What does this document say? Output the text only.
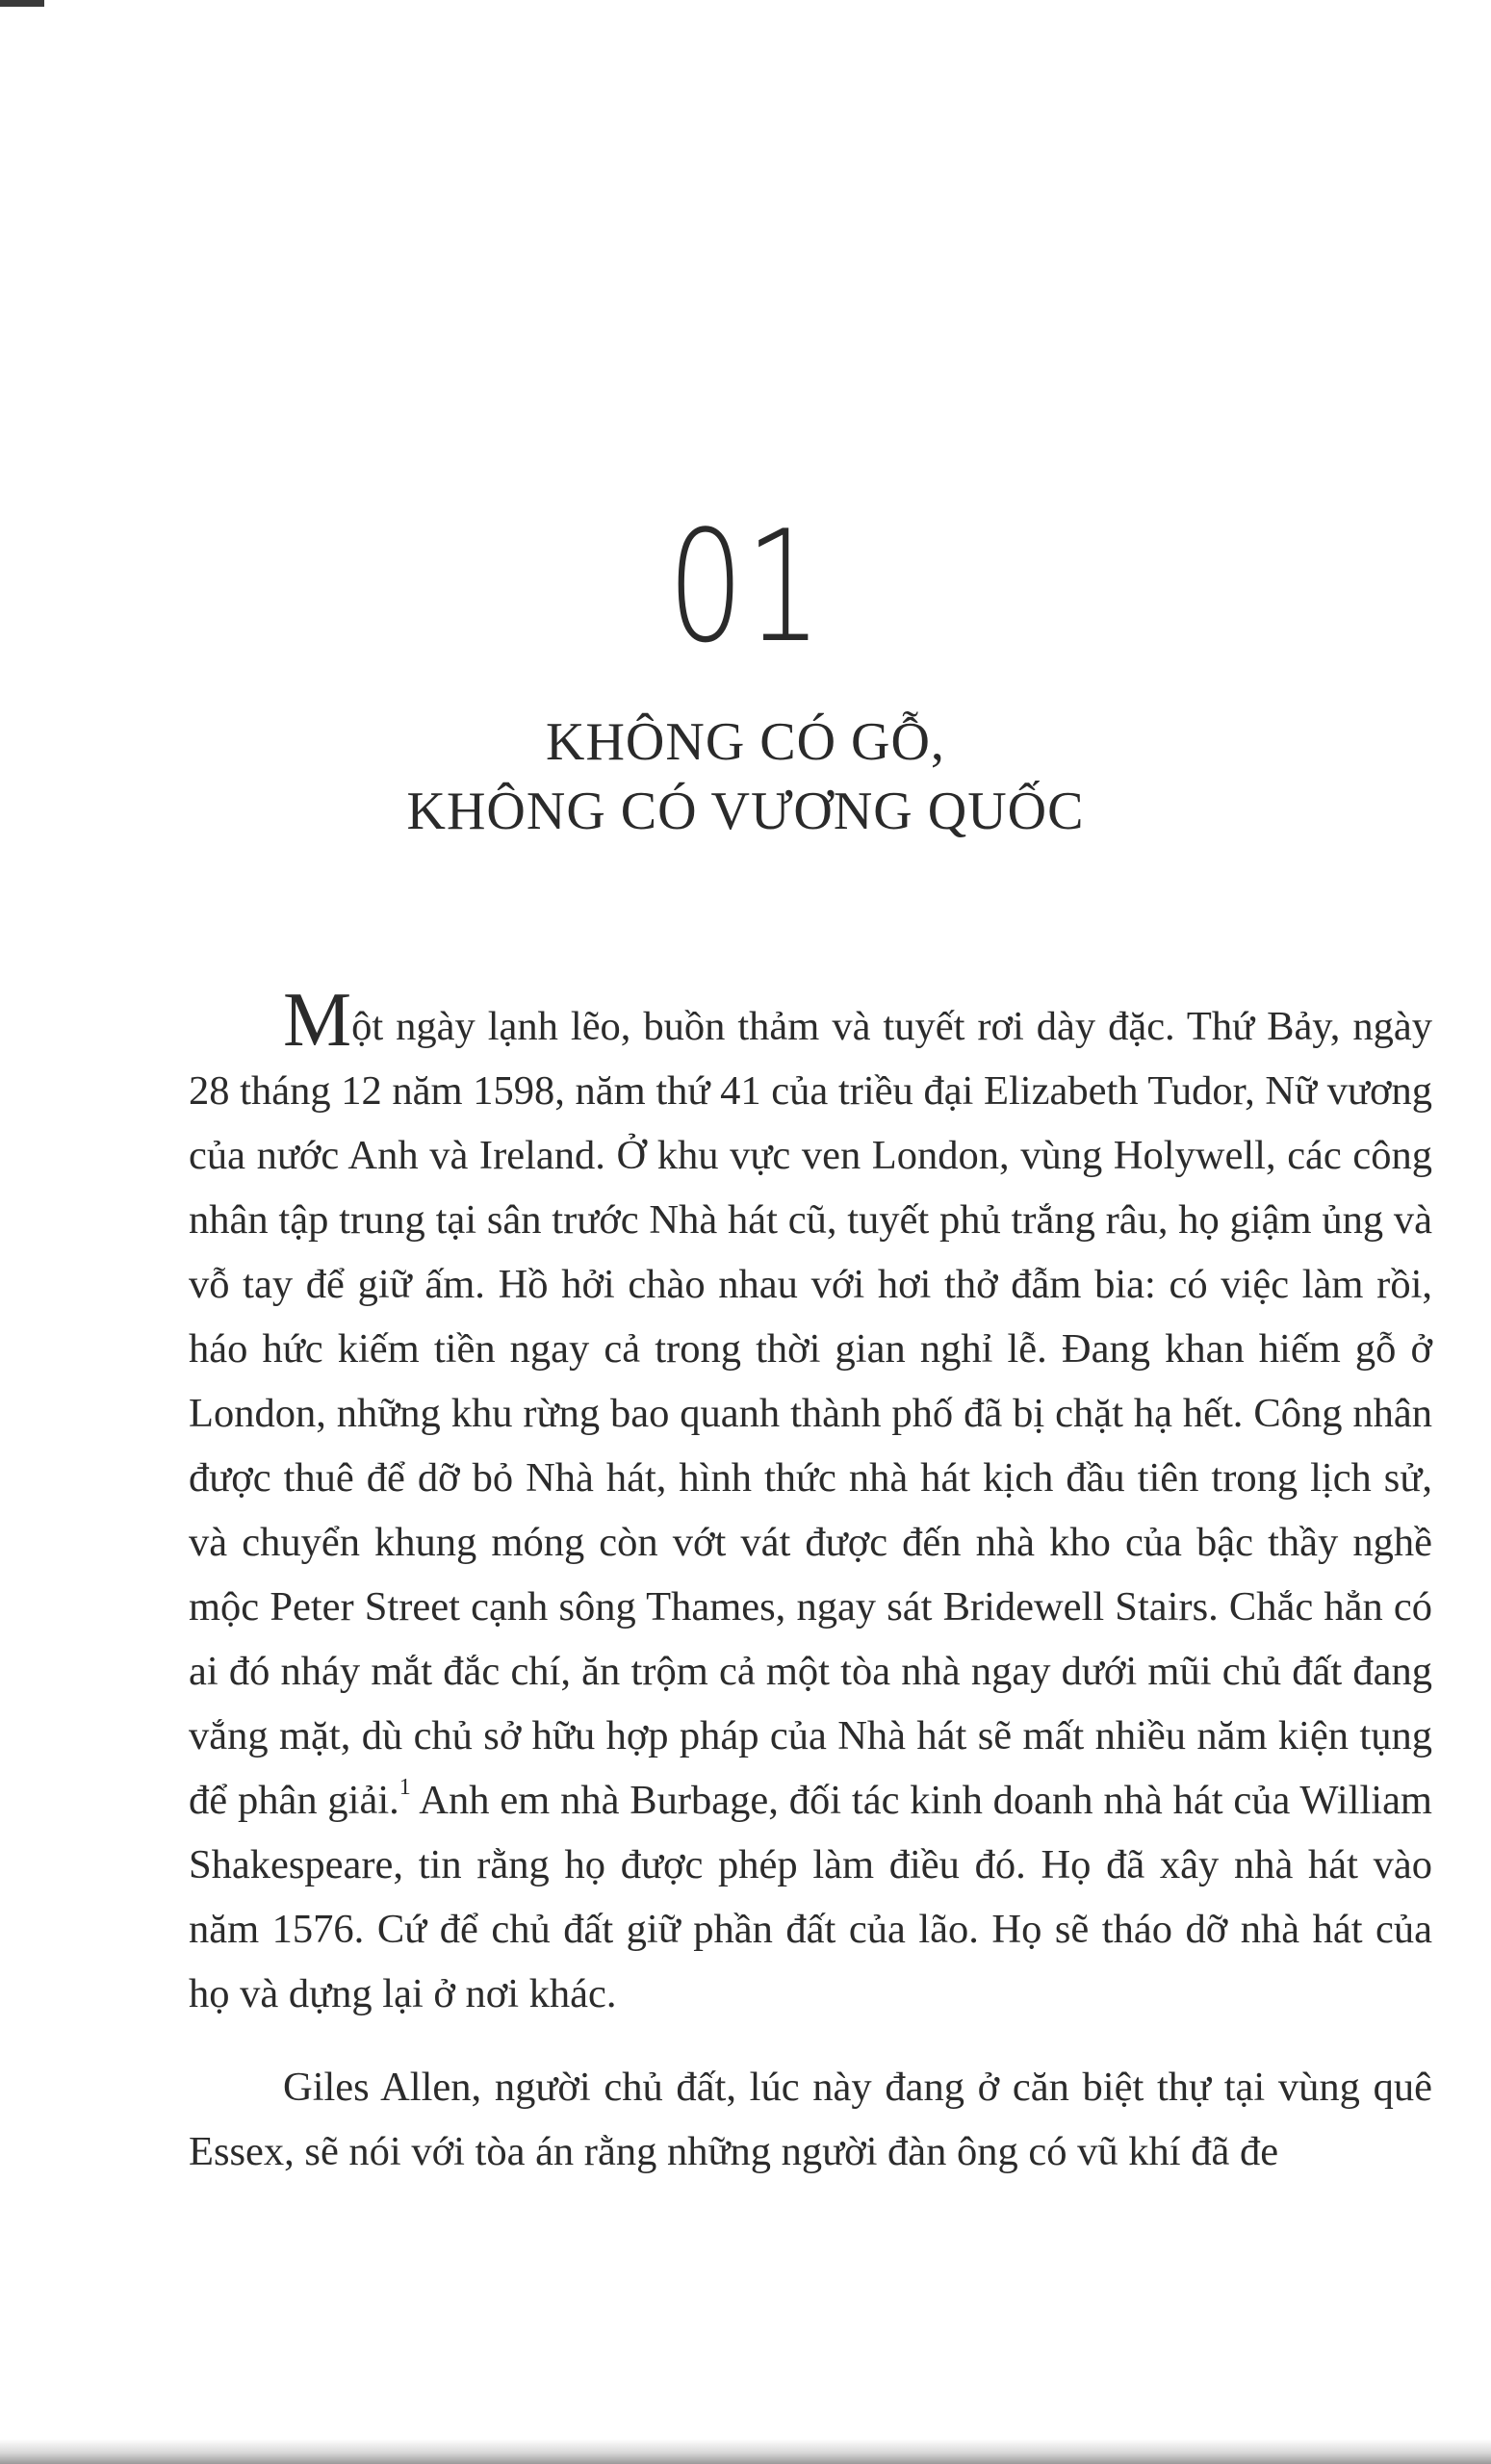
01
KHÔNG CÓ GỖ,
KHÔNG CÓ VƯƠNG QUỐC

Một ngày lạnh lẽo, buồn thảm và tuyết rơi dày đặc. Thứ Bảy, ngày 28 tháng 12 năm 1598, năm thứ 41 của triều đại Elizabeth Tudor, Nữ vương của nước Anh và Ireland. Ở khu vực ven London, vùng Holywell, các công nhân tập trung tại sân trước Nhà hát cũ, tuyết phủ trắng râu, họ giậm ủng và vỗ tay để giữ ấm. Hồ hởi chào nhau với hơi thở đẫm bia: có việc làm rồi, háo hức kiếm tiền ngay cả trong thời gian nghỉ lễ. Đang khan hiếm gỗ ở London, những khu rừng bao quanh thành phố đã bị chặt hạ hết. Công nhân được thuê để dỡ bỏ Nhà hát, hình thức nhà hát kịch đầu tiên trong lịch sử, và chuyển khung móng còn vớt vát được đến nhà kho của bậc thầy nghề mộc Peter Street cạnh sông Thames, ngay sát Bridewell Stairs. Chắc hẳn có ai đó nháy mắt đắc chí, ăn trộm cả một tòa nhà ngay dưới mũi chủ đất đang vắng mặt, dù chủ sở hữu hợp pháp của Nhà hát sẽ mất nhiều năm kiện tụng để phân giải.$^1$ Anh em nhà Burbage, đối tác kinh doanh nhà hát của William Shakespeare, tin rằng họ được phép làm điều đó. Họ đã xây nhà hát vào năm 1576. Cứ để chủ đất giữ phần đất của lão. Họ sẽ tháo dỡ nhà hát của họ và dựng lại ở nơi khác.

Giles Allen, người chủ đất, lúc này đang ở căn biệt thự tại vùng quê Essex, sẽ nói với tòa án rằng những người đàn ông có vũ khí đã đe
